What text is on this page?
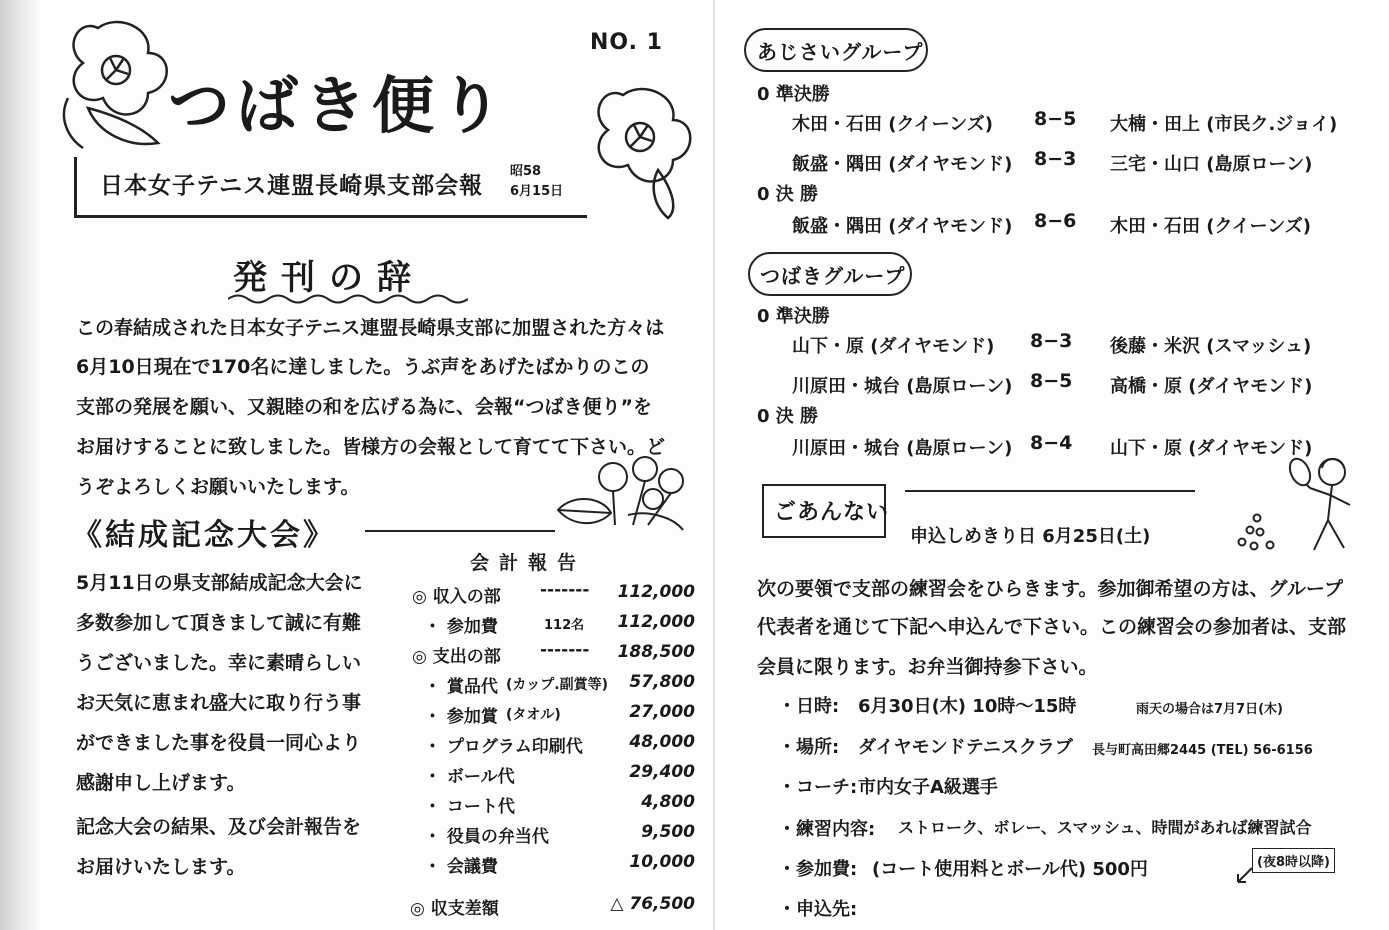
つばき便り
NO. 1
日本女子テニス連盟長崎県支部会報
昭58
6月15日
発刊の辞
この春結成された日本女子テニス連盟長崎県支部に加盟された方々は
6月10日現在で170名に達しました。うぶ声をあげたばかりのこの
支部の発展を願い、又親睦の和を広げる為に、会報“つばき便り”を
お届けすることに致しました。皆様方の会報として育てて下さい。ど
うぞよろしくお願いいたします。
《結成記念大会》
5月11日の県支部結成記念大会に
多数参加して頂きまして誠に有難
うございました。幸に素晴らしい
お天気に恵まれ盛大に取り行う事
ができました事を役員一同心より
感謝申し上げます。
記念大会の結果、及び会計報告を
お届けいたします。
会計報告
◎ 収入の部 -------	112,000
・ 参加費	112名	112,000
◎ 支出の部 -------	188,500
・ 賞品代 (カップ.副賞等)	57,800
・ 参加賞 (タオル)	27,000
・ プログラム印刷代	48,000
・ ボール代	29,400
・ コート代	4,800
・ 役員の弁当代	9,500
・ 会議費	10,000
◎ 収支差額	△ 76,500
あじさいグループ
0 準決勝
木田・石田 (クイーンズ) 8−5 大楠・田上 (市民ク.ジョイ)
飯盛・隅田 (ダイヤモンド) 8−3 三宅・山口 (島原ローン)
0 決 勝
飯盛・隅田 (ダイヤモンド) 8−6 木田・石田 (クイーンズ)
つばきグループ
0 準決勝
山下・原 (ダイヤモンド) 8−3 後藤・米沢 (スマッシュ)
川原田・城台 (島原ローン) 8−5 高橋・原 (ダイヤモンド)
0 決 勝
川原田・城台 (島原ローン) 8−4 山下・原 (ダイヤモンド)
ごあんない
申込しめきり日 6月25日(土)
次の要領で支部の練習会をひらきます。参加御希望の方は、グループ
代表者を通じて下記へ申込んで下さい。この練習会の参加者は、支部
会員に限ります。お弁当御持参下さい。
・日時: 6月30日(木) 10時〜15時	雨天の場合は7月7日(木)
・場所: ダイヤモンドテニスクラブ 長与町高田郷2445 (TEL) 56-6156
・コーチ: 市内女子A級選手
・練習内容: ストローク、ボレー、スマッシュ、時間があれば練習試合
・参加費: (コート使用料とボール代) 500円	(夜8時以降)
・申込先:
